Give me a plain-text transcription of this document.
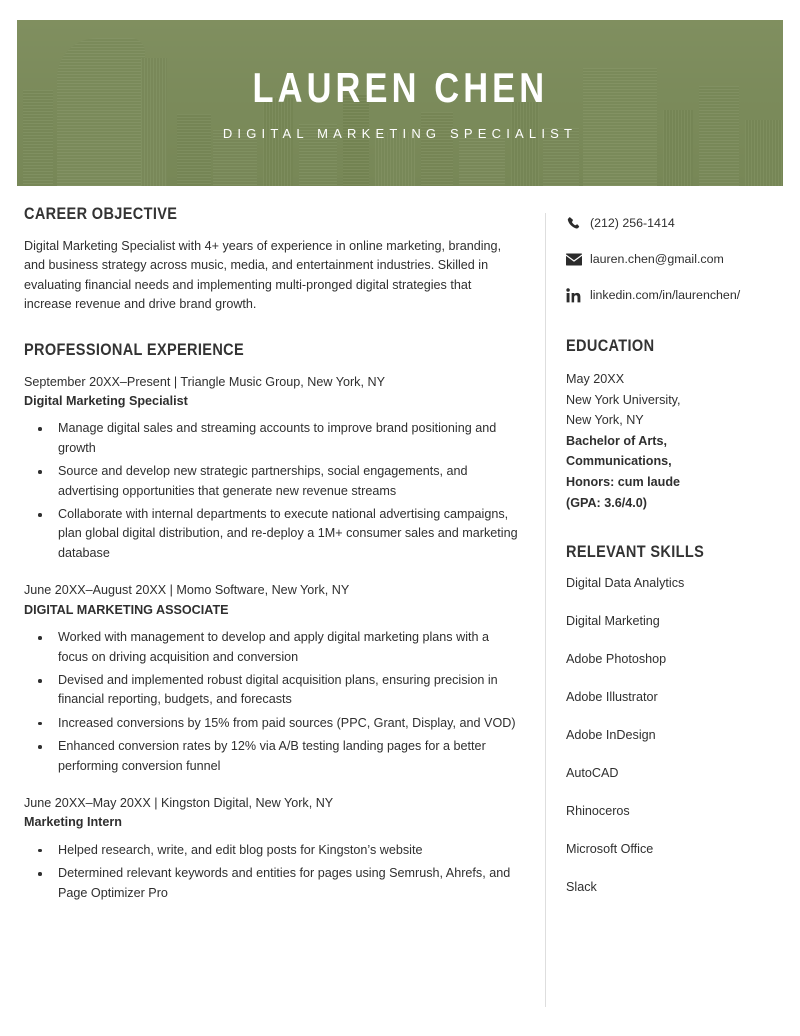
LAUREN CHEN
DIGITAL MARKETING SPECIALIST
CAREER OBJECTIVE

Digital Marketing Specialist with 4+ years of experience in online marketing, branding, and business strategy across music, media, and entertainment industries. Skilled in evaluating financial needs and implementing multi-pronged digital strategies that increase revenue and drive brand growth.

PROFESSIONAL EXPERIENCE

September 20XX–Present | Triangle Music Group, New York, NY

Digital Marketing Specialist

Manage digital sales and streaming accounts to improve brand positioning and growth
Source and develop new strategic partnerships, social engagements, and advertising opportunities that generate new revenue streams
Collaborate with internal departments to execute national advertising campaigns, plan global digital distribution, and re-deploy a 1M+ consumer sales and marketing database

June 20XX–August 20XX | Momo Software, New York, NY

DIGITAL MARKETING ASSOCIATE

Worked with management to develop and apply digital marketing plans with a focus on driving acquisition and conversion
Devised and implemented robust digital acquisition plans, ensuring precision in financial reporting, budgets, and forecasts
Increased conversions by 15% from paid sources (PPC, Grant, Display, and VOD)
Enhanced conversion rates by 12% via A/B testing landing pages for a better performing conversion funnel

June 20XX–May 20XX | Kingston Digital, New York, NY

Marketing Intern

Helped research, write, and edit blog posts for Kingston’s website
Determined relevant keywords and entities for pages using Semrush, Ahrefs, and Page Optimizer Pro
(212) 256-1414
lauren.chen@gmail.com
linkedin.com/in/laurenchen/
EDUCATION
May 20XX
New York University,
New York, NY
Bachelor of Arts,
Communications,
Honors: cum laude
(GPA: 3.6/4.0)
RELEVANT SKILLS
Digital Data Analytics
Digital Marketing
Adobe Photoshop
Adobe Illustrator
Adobe InDesign
AutoCAD
Rhinoceros
Microsoft Office
Slack
